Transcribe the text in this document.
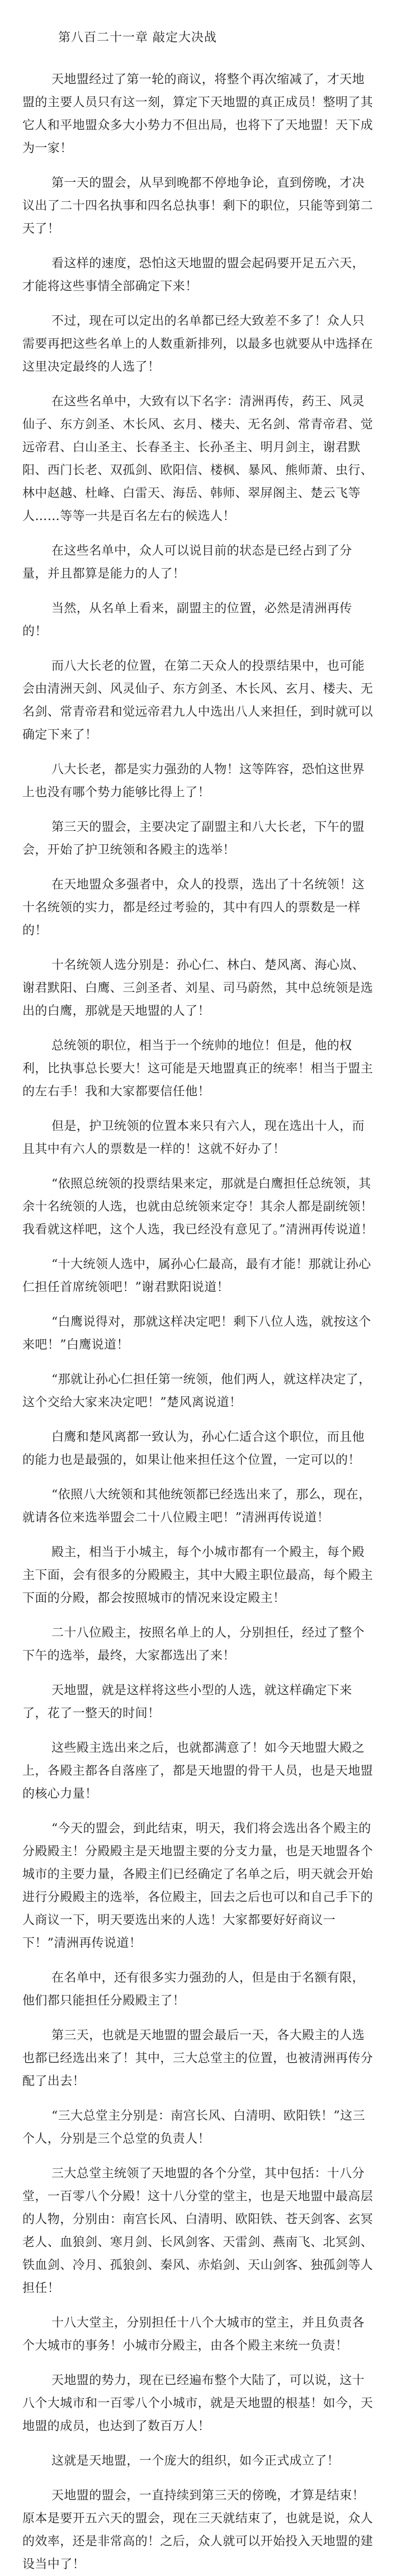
第八百二十一章 敲定大决战

天地盟经过了第一轮的商议，将整个再次缩减了，才天地盟的主要人员只有这一刻，算定下天地盟的真正成员！整明了其它人和平地盟众多大小势力不但出局，也将下了天地盟！天下成为一家！

第一天的盟会，从早到晚都不停地争论，直到傍晚，才决议出了二十四名执事和四名总执事！剩下的职位，只能等到第二天了！

看这样的速度，恐怕这天地盟的盟会起码要开足五六天，才能将这些事情全部确定下来！

不过，现在可以定出的名单都已经大致差不多了！众人只需要再把这些名单上的人数重新排列，以最多也就要从中选择在这里决定最终的人选了！

在这些名单中，大致有以下名字：清洲再传，药王、风灵仙子、东方剑圣、木长风、玄月、楼夫、无名剑、常青帝君、觉远帝君、白山圣主、长春圣主、长孙圣主、明月剑主，谢君默阳、西门长老、双孤剑、欧阳信、楼枫、暴风、熊师萧、虫行、林中赵越、杜峰、白雷天、海岳、韩师、翠屏阁主、楚云飞等人……等等一共是百名左右的候选人！

在这些名单中，众人可以说目前的状态是已经占到了分量，并且都算是能力的人了！

当然，从名单上看来，副盟主的位置，必然是清洲再传的！

而八大长老的位置，在第二天众人的投票结果中，也可能会由清洲天剑、风灵仙子、东方剑圣、木长风、玄月、楼夫、无名剑、常青帝君和觉远帝君九人中选出八人来担任，到时就可以确定下来了！

八大长老，都是实力强劲的人物！这等阵容，恐怕这世界上也没有哪个势力能够比得上了！

第三天的盟会，主要决定了副盟主和八大长老，下午的盟会，开始了护卫统领和各殿主的选举！

在天地盟众多强者中，众人的投票，选出了十名统领！这十名统领的实力，都是经过考验的，其中有四人的票数是一样的！

十名统领人选分别是：孙心仁、林白、楚风离、海心岚、谢君默阳、白鹰、三剑圣者、刘星、司马蔚然，其中总统领是选出的白鹰，那就是天地盟的人了！

总统领的职位，相当于一个统帅的地位！但是，他的权利，比执事总长要大！这可能是天地盟真正的统率！相当于盟主的左右手！我和大家都要信任他！

但是，护卫统领的位置本来只有六人，现在选出十人，而且其中有六人的票数是一样的！这就不好办了！

“依照总统领的投票结果来定，那就是白鹰担任总统领，其余十名统领的人选，也就由总统领来定夺！其余人都是副统领！我看就这样吧，这个人选，我已经没有意见了。”清洲再传说道！

“十大统领人选中，属孙心仁最高，最有才能！那就让孙心仁担任首席统领吧！”谢君默阳说道！

“白鹰说得对，那就这样决定吧！剩下八位人选，就按这个来吧！”白鹰说道！

“那就让孙心仁担任第一统领，他们两人，就这样决定了，这个交给大家来决定吧！”楚风离说道！

白鹰和楚风离都一致认为，孙心仁适合这个职位，而且他的能力也是最强的，如果让他来担任这个位置，一定可以的！

“依照八大统领和其他统领都已经选出来了，那么，现在，就请各位来选举盟会二十八位殿主吧！”清洲再传说道！

殿主，相当于小城主，每个小城市都有一个殿主，每个殿主下面，会有很多的分殿殿主，其中大殿主职位最高，每个殿主下面的分殿，都会按照城市的情况来设定殿主！

二十八位殿主，按照名单上的人，分别担任，经过了整个下午的选举，最终，大家都选出了来！

天地盟，就是这样将这些小型的人选，就这样确定下来了，花了一整天的时间！

这些殿主选出来之后，也就都满意了！如今天地盟大殿之上，各殿主都各自落座了，都是天地盟的骨干人员，也是天地盟的核心力量！

“今天的盟会，到此结束，明天，我们将会选出各个殿主的分殿殿主！分殿殿主是天地盟主要的分支力量，也是天地盟各个城市的主要力量，各殿主们已经确定了名单之后，明天就会开始进行分殿殿主的选举，各位殿主，回去之后也可以和自己手下的人商议一下，明天要选出来的人选！大家都要好好商议一下！”清洲再传说道！

在名单中，还有很多实力强劲的人，但是由于名额有限，他们都只能担任分殿殿主了！

第三天，也就是天地盟的盟会最后一天，各大殿主的人选也都已经选出来了！其中，三大总堂主的位置，也被清洲再传分配了出去！

“三大总堂主分别是：南宫长风、白清明、欧阳铁！”这三个人，分别是三个总堂的负责人！

三大总堂主统领了天地盟的各个分堂，其中包括：十八分堂，一百零八个分殿！这十八分堂的堂主，也是天地盟中最高层的人物，分别由：南宫长风、白清明、欧阳铁、苍天剑客、玄冥老人、血狼剑、寒月剑、长风剑客、天雷剑、燕南飞、北冥剑、铁血剑、冷月、孤狼剑、秦风、赤焰剑、天山剑客、独孤剑等人担任！

十八大堂主，分别担任十八个大城市的堂主，并且负责各个大城市的事务！小城市分殿主，由各个殿主来统一负责！

天地盟的势力，现在已经遍布整个大陆了，可以说，这十八个大城市和一百零八个小城市，就是天地盟的根基！如今，天地盟的成员，也达到了数百万人！

这就是天地盟，一个庞大的组织，如今正式成立了！

天地盟的盟会，一直持续到第三天的傍晚，才算是结束！原本是要开五六天的盟会，现在三天就结束了，也就是说，众人的效率，还是非常高的！之后，众人就可以开始投入天地盟的建设当中了！
